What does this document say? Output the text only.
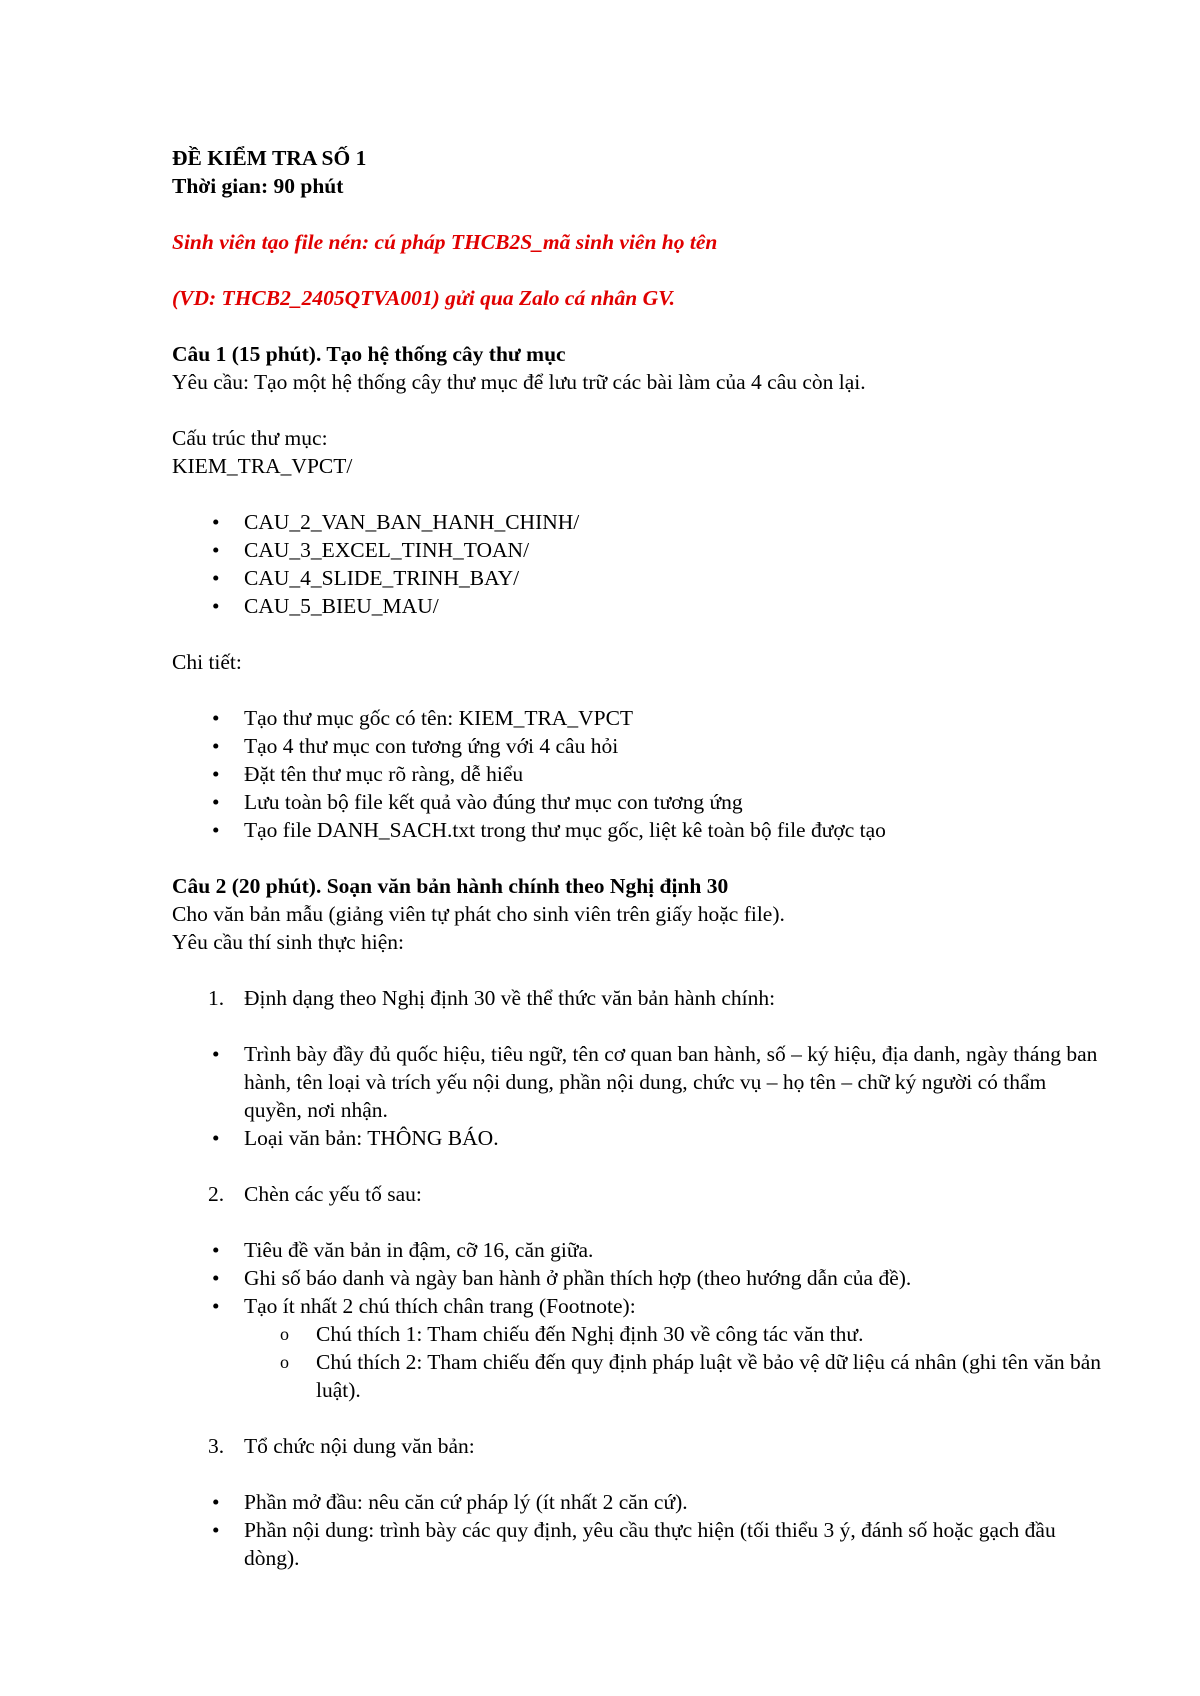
ĐỀ KIỂM TRA SỐ 1

Thời gian: 90 phút

Sinh viên tạo file nén: cú pháp THCB2S_mã sinh viên họ tên

(VD: THCB2_2405QTVA001) gửi qua Zalo cá nhân GV.

Câu 1 (15 phút). Tạo hệ thống cây thư mục

Yêu cầu: Tạo một hệ thống cây thư mục để lưu trữ các bài làm của 4 câu còn lại.

Cấu trúc thư mục:

KIEM_TRA_VPCT/

• CAU_2_VAN_BAN_HANH_CHINH/
• CAU_3_EXCEL_TINH_TOAN/
• CAU_4_SLIDE_TRINH_BAY/
• CAU_5_BIEU_MAU/

Chi tiết:

• Tạo thư mục gốc có tên: KIEM_TRA_VPCT
• Tạo 4 thư mục con tương ứng với 4 câu hỏi
• Đặt tên thư mục rõ ràng, dễ hiểu
• Lưu toàn bộ file kết quả vào đúng thư mục con tương ứng
• Tạo file DANH_SACH.txt trong thư mục gốc, liệt kê toàn bộ file được tạo

Câu 2 (20 phút). Soạn văn bản hành chính theo Nghị định 30

Cho văn bản mẫu (giảng viên tự phát cho sinh viên trên giấy hoặc file).

Yêu cầu thí sinh thực hiện:

1. Định dạng theo Nghị định 30 về thể thức văn bản hành chính:
• Trình bày đầy đủ quốc hiệu, tiêu ngữ, tên cơ quan ban hành, số – ký hiệu, địa danh, ngày tháng ban hành, tên loại và trích yếu nội dung, phần nội dung, chức vụ – họ tên – chữ ký người có thẩm quyền, nơi nhận.
• Loại văn bản: THÔNG BÁO.
2. Chèn các yếu tố sau:
• Tiêu đề văn bản in đậm, cỡ 16, căn giữa.
• Ghi số báo danh và ngày ban hành ở phần thích hợp (theo hướng dẫn của đề).
• Tạo ít nhất 2 chú thích chân trang (Footnote):
o Chú thích 1: Tham chiếu đến Nghị định 30 về công tác văn thư.
o Chú thích 2: Tham chiếu đến quy định pháp luật về bảo vệ dữ liệu cá nhân (ghi tên văn bản luật).
3. Tổ chức nội dung văn bản:
• Phần mở đầu: nêu căn cứ pháp lý (ít nhất 2 căn cứ).
• Phần nội dung: trình bày các quy định, yêu cầu thực hiện (tối thiểu 3 ý, đánh số hoặc gạch đầu dòng).
